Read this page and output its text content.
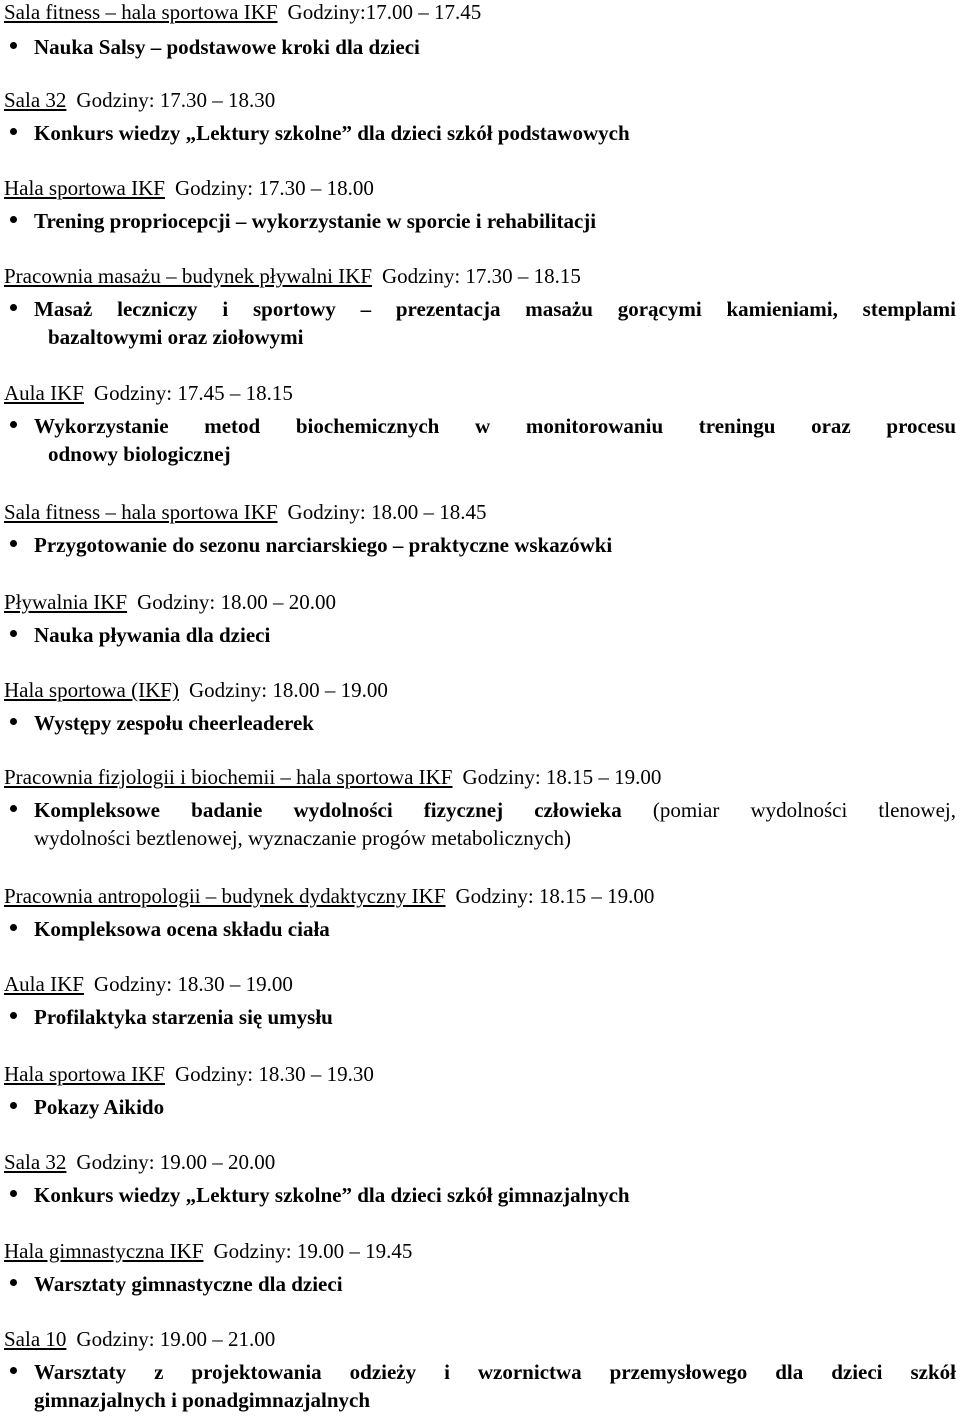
Sala fitness – hala sportowa IKF Godziny:17.00 – 17.45
Nauka Salsy – podstawowe kroki dla dzieci
Sala 32 Godziny: 17.30 – 18.30
Konkurs wiedzy „Lektury szkolne” dla dzieci szkół podstawowych
Hala sportowa IKF Godziny: 17.30 – 18.00
Trening propriocepcji – wykorzystanie w sporcie i rehabilitacji
Pracownia masażu – budynek pływalni IKF Godziny: 17.30 – 18.15
Masaż leczniczy i sportowy – prezentacja masażu gorącymi kamieniami, stemplami
bazaltowymi oraz ziołowymi
Aula IKF Godziny: 17.45 – 18.15
Wykorzystanie metod biochemicznych w monitorowaniu treningu oraz procesu
odnowy biologicznej
Sala fitness – hala sportowa IKF Godziny: 18.00 – 18.45
Przygotowanie do sezonu narciarskiego – praktyczne wskazówki
Pływalnia IKF Godziny: 18.00 – 20.00
Nauka pływania dla dzieci
Hala sportowa (IKF) Godziny: 18.00 – 19.00
Występy zespołu cheerleaderek
Pracownia fizjologii i biochemii – hala sportowa IKF Godziny: 18.15 – 19.00
Kompleksowe badanie wydolności fizycznej człowieka (pomiar wydolności tlenowej,
wydolności beztlenowej, wyznaczanie progów metabolicznych)
Pracownia antropologii – budynek dydaktyczny IKF Godziny: 18.15 – 19.00
Kompleksowa ocena składu ciała
Aula IKF Godziny: 18.30 – 19.00
Profilaktyka starzenia się umysłu
Hala sportowa IKF Godziny: 18.30 – 19.30
Pokazy Aikido
Sala 32 Godziny: 19.00 – 20.00
Konkurs wiedzy „Lektury szkolne” dla dzieci szkół gimnazjalnych
Hala gimnastyczna IKF Godziny: 19.00 – 19.45
Warsztaty gimnastyczne dla dzieci
Sala 10 Godziny: 19.00 – 21.00
Warsztaty z projektowania odzieży i wzornictwa przemysłowego dla dzieci szkół
gimnazjalnych i ponadgimnazjalnych
